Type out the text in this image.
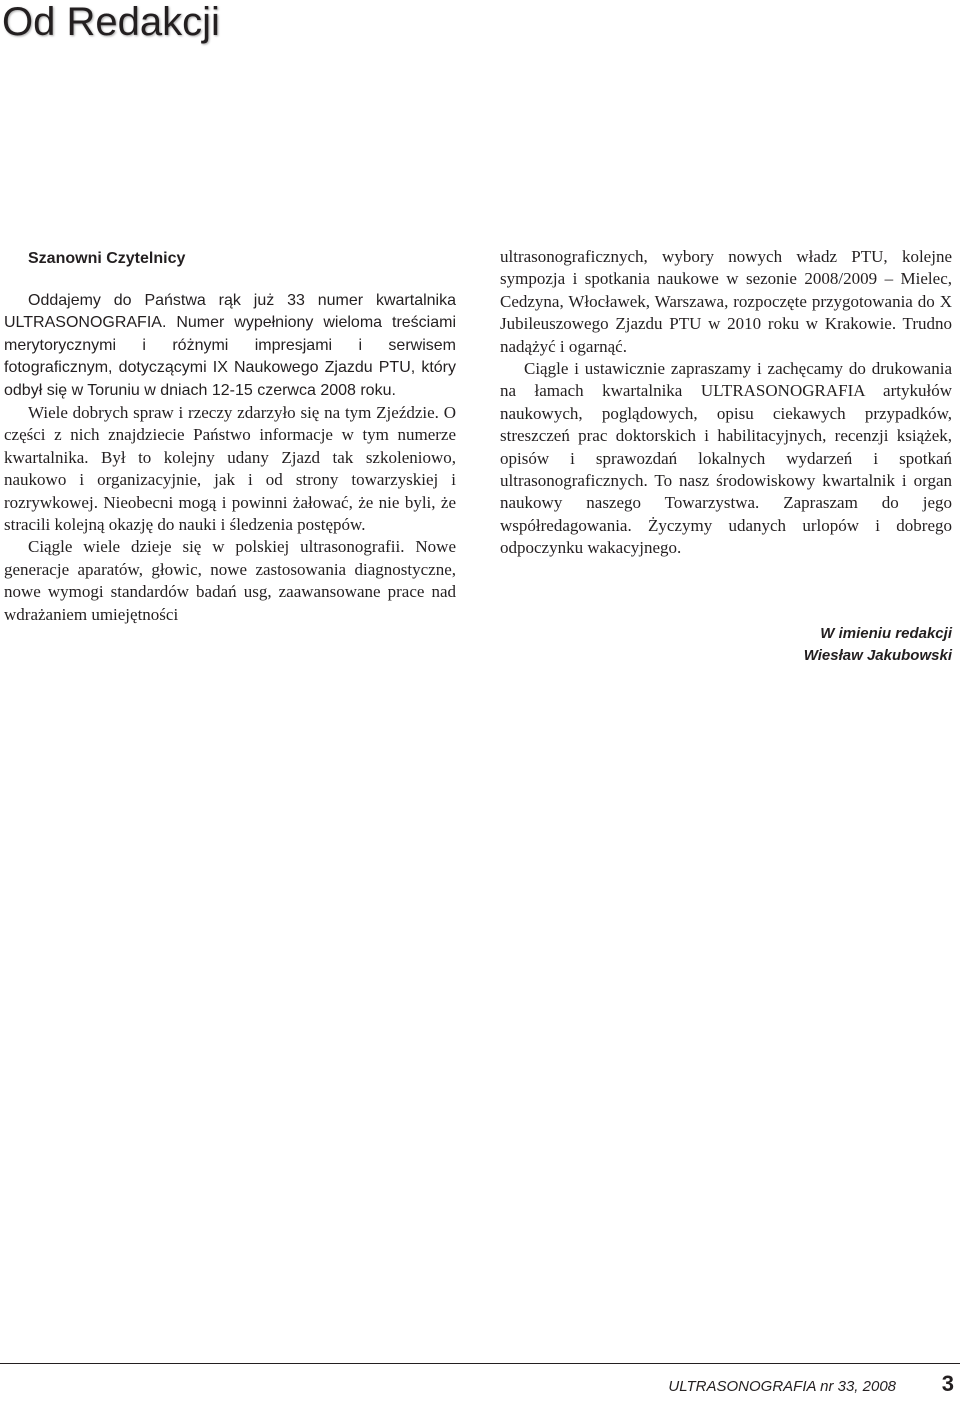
Od Redakcji
Szanowni Czytelnicy

Oddajemy do Państwa rąk już 33 numer kwartalnika ULTRASONOGRAFIA. Numer wypełniony wieloma treściami merytorycznymi i różnymi impresjami i serwisem fotograficznym, dotyczącymi IX Naukowego Zjazdu PTU, który odbył się w Toruniu w dniach 12-15 czerwca 2008 roku.

Wiele dobrych spraw i rzeczy zdarzyło się na tym Zjeździe. O części z nich znajdziecie Państwo informacje w tym numerze kwartalnika. Był to kolejny udany Zjazd tak szkoleniowo, naukowo i organizacyjnie, jak i od strony towarzyskiej i rozrywkowej. Nieobecni mogą i powinni żałować, że nie byli, że stracili kolejną okazję do nauki i śledzenia postępów.

Ciągle wiele dzieje się w polskiej ultrasonografii. Nowe generacje aparatów, głowic, nowe zastosowania diagnostyczne, nowe wymogi standardów badań usg, zaawansowane prace nad wdrażaniem umiejętności

ultrasonograficznych, wybory nowych władz PTU, kolejne sympozja i spotkania naukowe w sezonie 2008/2009 – Mielec, Cedzyna, Włocławek, Warszawa, rozpoczęte przygotowania do X Jubileuszowego Zjazdu PTU w 2010 roku w Krakowie. Trudno nadążyć i ogarnąć.

Ciągle i ustawicznie zapraszamy i zachęcamy do drukowania na łamach kwartalnika ULTRASONOGRAFIA artykułów naukowych, poglądowych, opisu ciekawych przypadków, streszczeń prac doktorskich i habilitacyjnych, recenzji książek, opisów i sprawozdań lokalnych wydarzeń i spotkań ultrasonograficznych. To nasz środowiskowy kwartalnik i organ naukowy naszego Towarzystwa. Zapraszam do jego współredagowania. Życzymy udanych urlopów i dobrego odpoczynku wakacyjnego.

W imieniu redakcji
Wiesław Jakubowski
ULTRASONOGRAFIA nr 33, 2008	3
